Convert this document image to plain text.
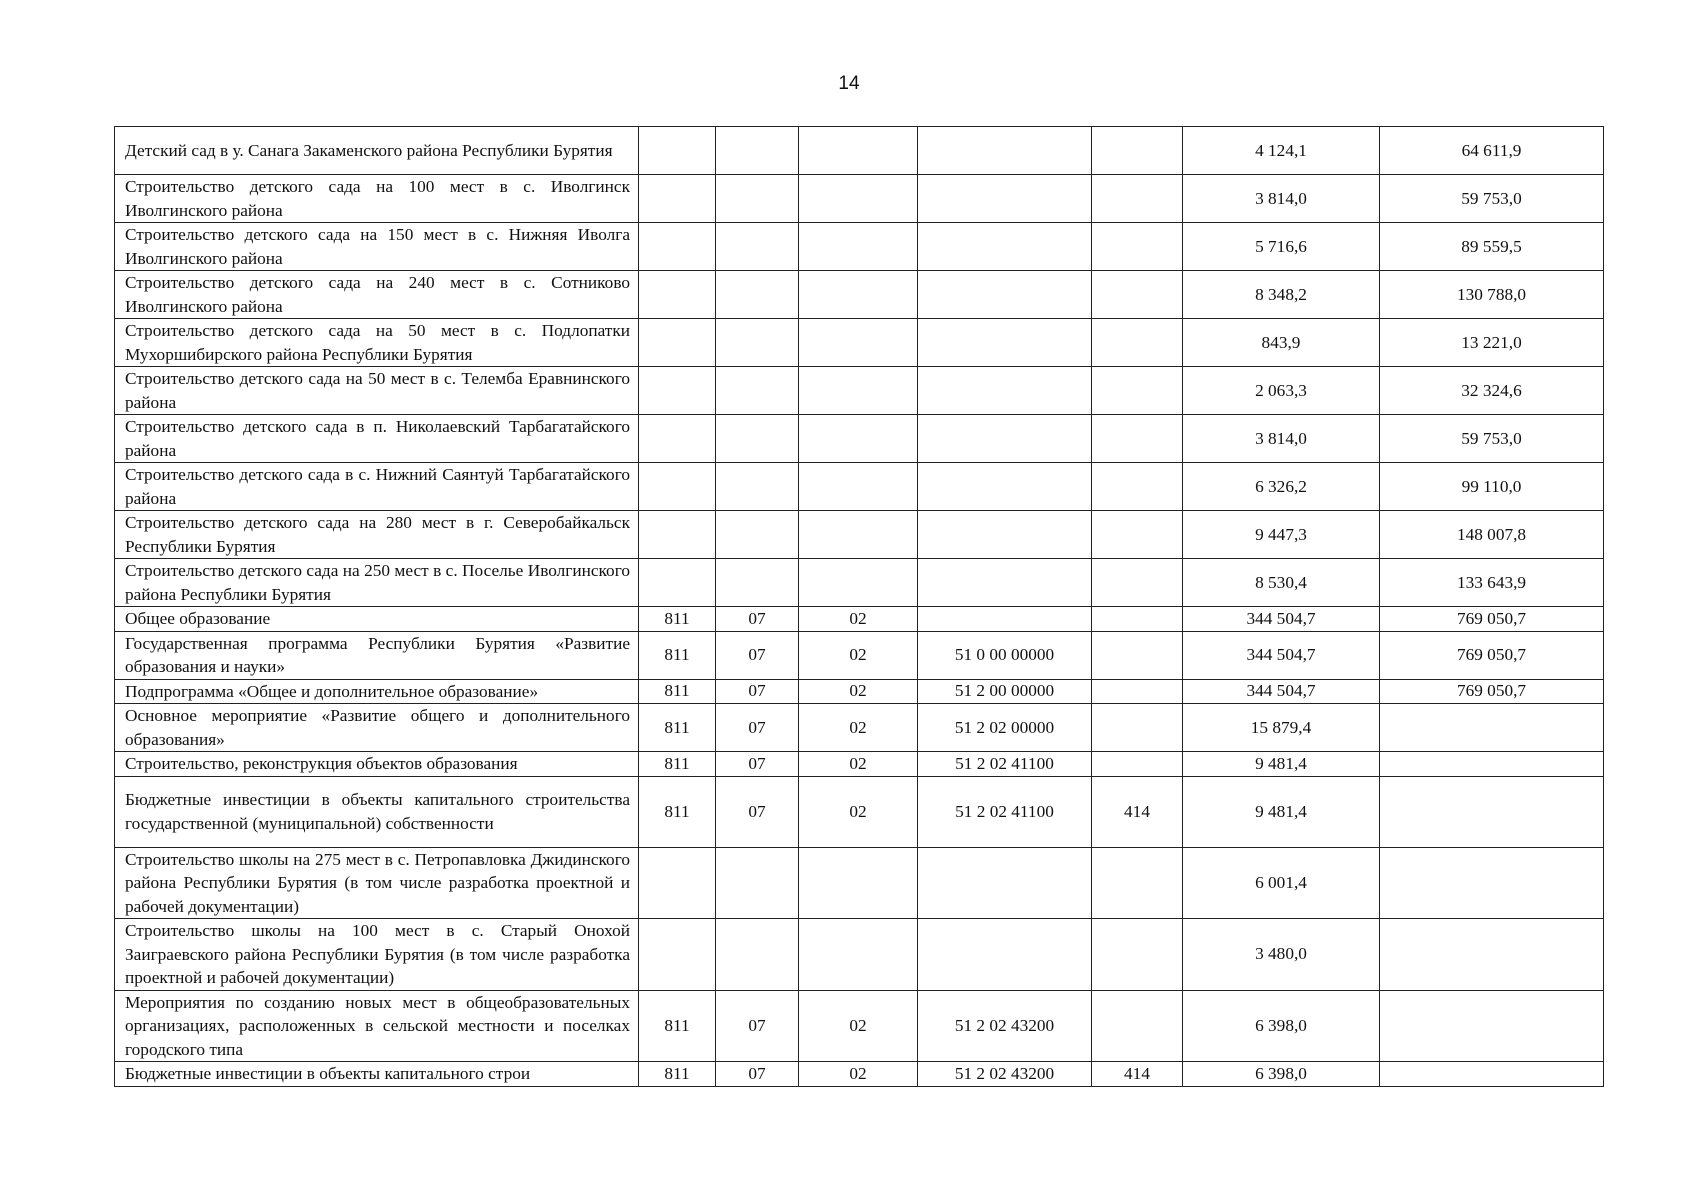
14
Детский сад в у. Санага Закаменского района Республики Бурятия						4 124,1	64 611,9
Строительство детского сада на 100 мест в с. Иволгинск Иволгинского района						3 814,0	59 753,0
Строительство детского сада на 150 мест в с. Нижняя Иволга Иволгинского района						5 716,6	89 559,5
Строительство детского сада на 240 мест в с. Сотниково Иволгинского района						8 348,2	130 788,0
Строительство детского сада на 50 мест в с. Подлопатки Мухоршибирского района Республики Бурятия						843,9	13 221,0
Строительство детского сада на 50 мест в с. Телемба Еравнинского района						2 063,3	32 324,6
Строительство детского сада в п. Николаевский Тарбагатайского района						3 814,0	59 753,0
Строительство детского сада в с. Нижний Саянтуй Тарбагатайского района						6 326,2	99 110,0
Строительство детского сада на 280 мест в г. Северобайкальск Республики Бурятия						9 447,3	148 007,8
Строительство детского сада на 250 мест в с. Поселье Иволгинского района Республики Бурятия						8 530,4	133 643,9
Общее образование	811	07	02			344 504,7	769 050,7
Государственная программа Республики Бурятия «Развитие образования и науки»	811	07	02	51 0 00 00000		344 504,7	769 050,7
Подпрограмма «Общее и дополнительное образование»	811	07	02	51 2 00 00000		344 504,7	769 050,7
Основное мероприятие «Развитие общего и дополнительного образования»	811	07	02	51 2 02 00000		15 879,4	
Строительство, реконструкция объектов образования	811	07	02	51 2 02 41100		9 481,4	
Бюджетные инвестиции в объекты капитального строительства государственной (муниципальной) собственности	811	07	02	51 2 02 41100	414	9 481,4	
Строительство школы на 275 мест в с. Петропавловка Джидинского района Республики Бурятия (в том числе разработка проектной и рабочей документации)						6 001,4	
Строительство школы на 100 мест в с. Старый Онохой Заиграевского района Республики Бурятия (в том числе разработка проектной и рабочей документации)						3 480,0	
Мероприятия по созданию новых мест в общеобразовательных организациях, расположенных в сельской местности и поселках городского типа	811	07	02	51 2 02 43200		6 398,0	
Бюджетные инвестиции в объекты капитального строи	811	07	02	51 2 02 43200	414	6 398,0	
